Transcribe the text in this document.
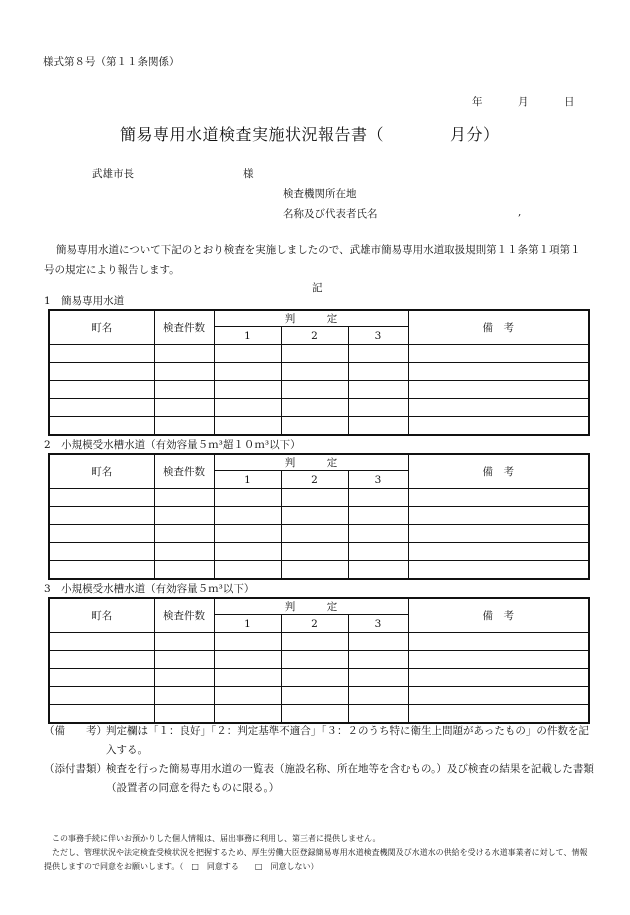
様式第８号（第１１条関係）
年	月	日
簡易専用水道検査実施状況報告書（　　　　月分）
武雄市長	様
検査機関所在地
名称及び代表者氏名	,
簡易専用水道について下記のとおり検査を実施しましたので、武雄市簡易専用水道取扱規則第１１条第１項第１号の規定により報告します。
記
1　簡易専用水道
町名	検査件数	判　　　定			備　考
		1	2	3	

2　小規模受水槽水道（有効容量５ｍ³超１０ｍ³以下）
町名	検査件数	判　　　定			備　考
		1	2	3	

3　小規模受水槽水道（有効容量５ｍ³以下）
町名	検査件数	判　　　定			備　考
		1	2	3	

（備　　考） 判定欄は「１：良好」「２：判定基準不適合」「３：２のうち特に衛生上問題があったもの」の件数を記入する。
（添付書類） 検査を行った簡易専用水道の一覧表（施設名称、所在地等を含むもの。）及び検査の結果を記載した書類（設置者の同意を得たものに限る。）

この事務手続に伴いお預かりした個人情報は、届出事務に利用し、第三者に提供しません。

ただし、管理状況や法定検査受検状況を把握するため、厚生労働大臣登録簡易専用水道検査機関及び水道水の供給を受ける水道事業者に対して、情報提供しますので同意をお願いします。（　□　同意する　　□　同意しない）
